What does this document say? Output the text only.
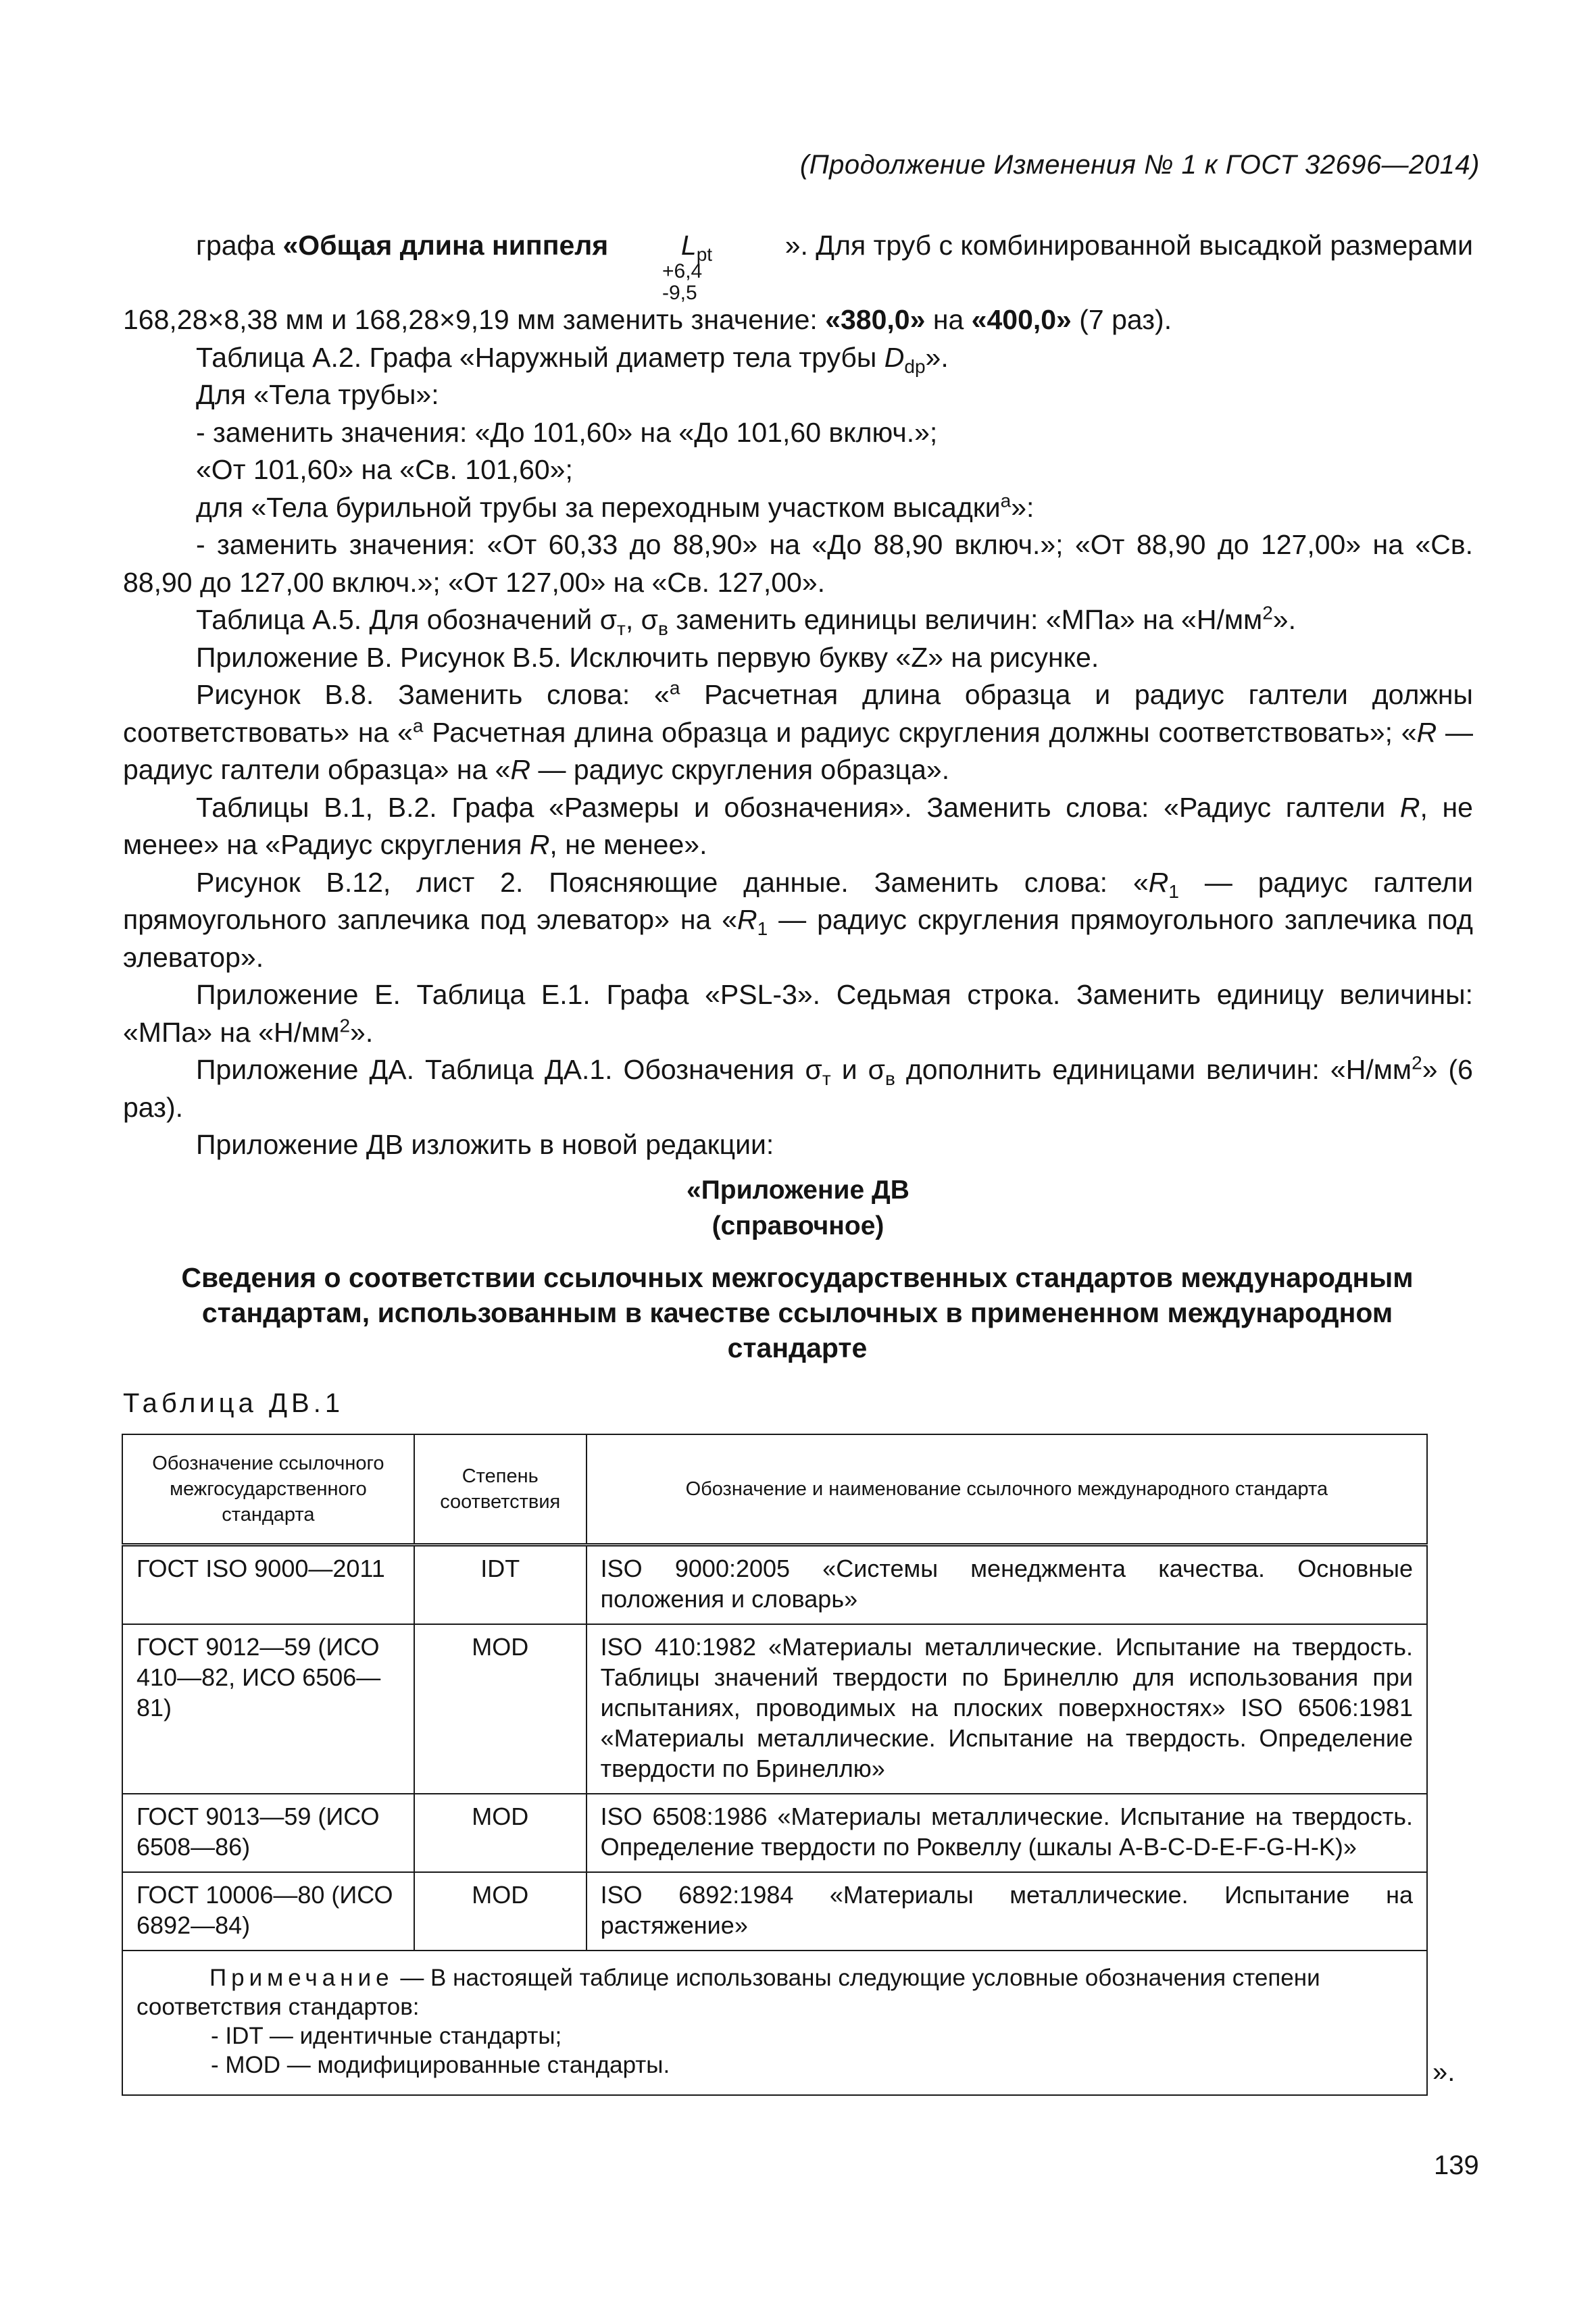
(Продолжение Изменения № 1 к ГОСТ 32696—2014)
графа «Общая длина ниппеля	$L_{pt}$	». Для труб с комбинированной высадкой размерами
+6,4
-9,5

168,28×8,38 мм и 168,28×9,19 мм заменить значение: «380,0» на «400,0» (7 раз).

Таблица А.2. Графа «Наружный диаметр тела трубы $D_{dp}$».

Для «Тела трубы»:

- заменить значения: «До 101,60» на «До 101,60 включ.»;

«От 101,60» на «Св. 101,60»;

для «Тела бурильной трубы за переходным участком высадки$^a$»:

- заменить значения: «От 60,33 до 88,90» на «До 88,90 включ.»; «От 88,90 до 127,00» на «Св. 88,90 до 127,00 включ.»; «От 127,00» на «Св. 127,00».

Таблица А.5. Для обозначений $\sigma_т$, $\sigma_в$ заменить единицы величин: «МПа» на «$Н/мм^2$».

Приложение В. Рисунок В.5. Исключить первую букву «Z» на рисунке.

Рисунок В.8. Заменить слова: «$^a$ Расчетная длина образца и радиус галтели должны соответствовать» на «$^a$ Расчетная длина образца и радиус скругления должны соответствовать»; «R — радиус галтели образца» на «R — радиус скругления образца».

Таблицы В.1, В.2. Графа «Размеры и обозначения». Заменить слова: «Радиус галтели R, не менее» на «Радиус скругления R, не менее».

Рисунок В.12, лист 2. Поясняющие данные. Заменить слова: «$R_1$ — радиус галтели прямоугольного заплечика под элеватор» на «$R_1$ — радиус скругления прямоугольного заплечика под элеватор».

Приложение Е. Таблица Е.1. Графа «PSL-3». Седьмая строка. Заменить единицу величины: «МПа» на «$Н/мм^2$».

Приложение ДА. Таблица ДА.1. Обозначения $\sigma_т$ и $\sigma_в$ дополнить единицами величин: «$Н/мм^2$» (6 раз).

Приложение ДВ изложить в новой редакции:

«Приложение ДВ
(справочное)
Сведения о соответствии ссылочных межгосударственных стандартов международным стандартам, использованным в качестве ссылочных в примененном международном стандарте
Таблица ДВ.1
Обозначение ссылочного межгосударственного стандарта	Степень соответствия	Обозначение и наименование ссылочного международного стандарта
ГОСТ ISO 9000—2011	IDT	ISO 9000:2005 «Системы менеджмента качества. Основные положения и словарь»
ГОСТ 9012—59 (ИСО 410—82, ИСО 6506—81)	MOD	ISO 410:1982 «Материалы металлические. Испытание на твердость. Таблицы значений твердости по Бринеллю для использования при испытаниях, проводимых на плоских поверхностях» ISO 6506:1981 «Материалы металлические. Испытание на твердость. Определение твердости по Бринеллю»
ГОСТ 9013—59 (ИСО 6508—86)	MOD	ISO 6508:1986 «Материалы металлические. Испытание на твердость. Определение твердости по Роквеллу (шкалы A-B-C-D-E-F-G-H-K)»
ГОСТ 10006—80 (ИСО 6892—84)	MOD	ISO 6892:1984 «Материалы металлические. Испытание на растяжение»

Примечание — В настоящей таблице использованы следующие условные обозначения степени соответствия стандартов:
- IDT — идентичные стандарты;
- MOD — модифицированные стандарты.			».
139
